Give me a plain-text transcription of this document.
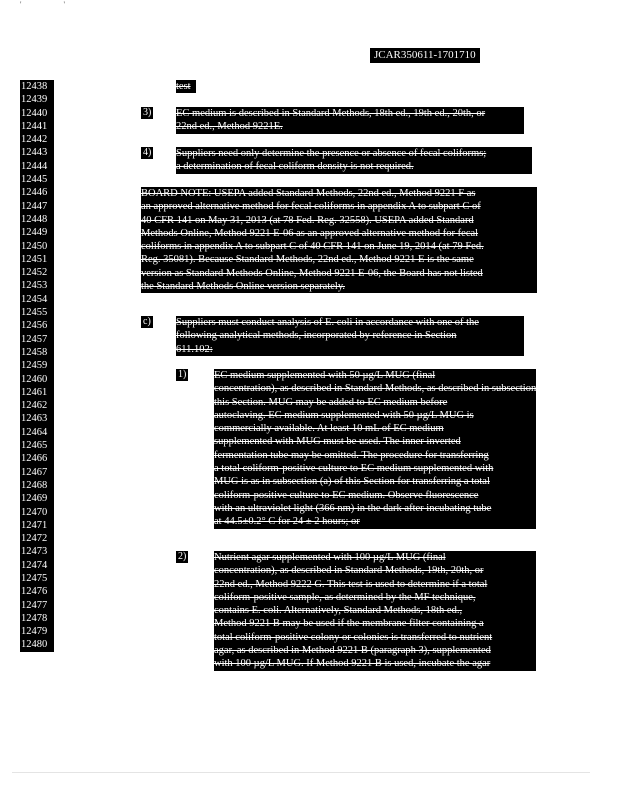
' '
JCAR350611-1701710
12438
12439
12440
12441
12442
12443
12444
12445
12446
12447
12448
12449
12450
12451
12452
12453
12454
12455
12456
12457
12458
12459
12460
12461
12462
12463
12464
12465
12466
12467
12468
12469
12470
12471
12472
12473
12474
12475
12476
12477
12478
12479
12480
test
3) EC medium is described in Standard Methods, 18th ed., 19th ed., 20th, or
22nd ed., Method 9221E.
4) Suppliers need only determine the presence or absence of fecal coliforms;
a determination of fecal coliform density is not required.
BOARD NOTE: USEPA added Standard Methods, 22nd ed., Method 9221 F as
an approved alternative method for fecal coliforms in appendix A to subpart C of
40 CFR 141 on May 31, 2013 (at 78 Fed. Reg. 32558). USEPA added Standard
Methods Online, Method 9221 E-06 as an approved alternative method for fecal
coliforms in appendix A to subpart C of 40 CFR 141 on June 19, 2014 (at 79 Fed.
Reg. 35081). Because Standard Methods, 22nd ed., Method 9221 E is the same
version as Standard Methods Online, Method 9221 E-06, the Board has not listed
the Standard Methods Online version separately.
c) Suppliers must conduct analysis of E. coli in accordance with one of the
following analytical methods, incorporated by reference in Section
611.102:
1)	EC medium supplemented with 50 µg/L MUG (final
concentration), as described in Standard Methods, as described in subsection (b)(1) of
this Section. MUG may be added to EC medium before
autoclaving. EC medium supplemented with 50 µg/L MUG is
commercially available. At least 10 mL of EC medium
supplemented with MUG must be used. The inner inverted
fermentation tube may be omitted. The procedure for transferring
a total coliform-positive culture to EC medium supplemented with
MUG is as in subsection (a) of this Section for transferring a total
coliform-positive culture to EC medium. Observe fluorescence
with an ultraviolet light (366 nm) in the dark after incubating tube
at 44.5±0.2° C for 24 ± 2 hours; or
2)	Nutrient agar supplemented with 100 µg/L MUG (final
concentration), as described in Standard Methods, 19th, 20th, or
22nd ed., Method 9222 G. This test is used to determine if a total
coliform-positive sample, as determined by the MF technique,
contains E. coli. Alternatively, Standard Methods, 18th ed.,
Method 9221 B may be used if the membrane filter containing a
total coliform-positive colony or colonies is transferred to nutrient
agar, as described in Method 9221 B (paragraph 3), supplemented
with 100 µg/L MUG. If Method 9221 B is used, incubate the agar
